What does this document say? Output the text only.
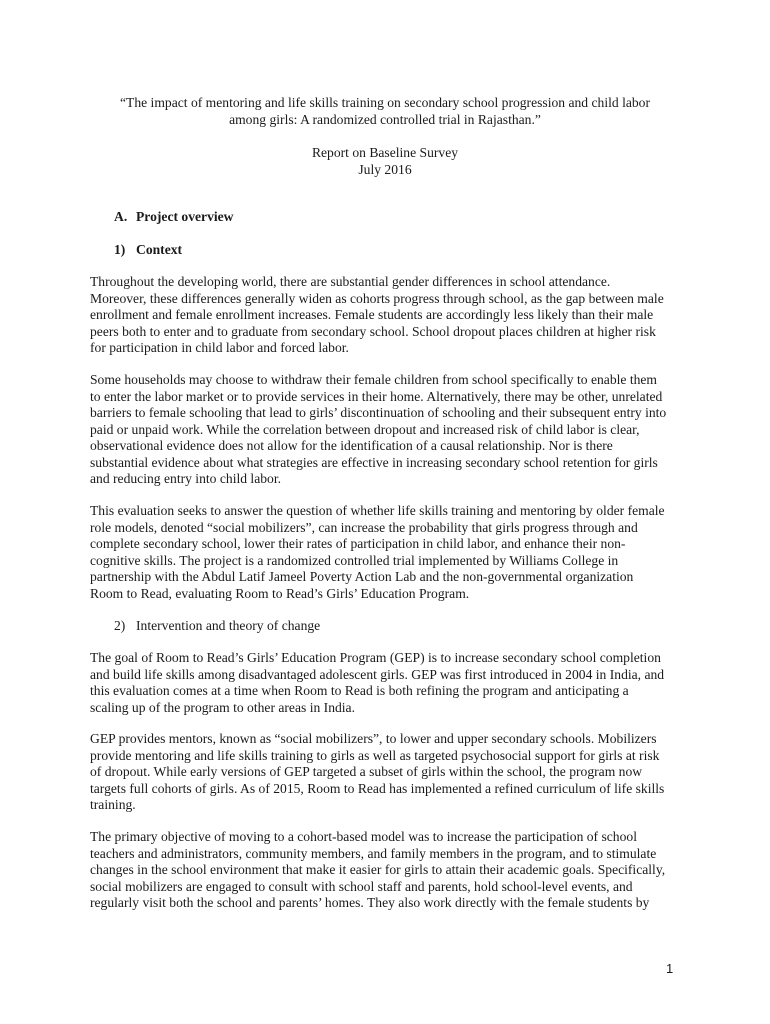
“The impact of mentoring and life skills training on secondary school progression and child labor
among girls: A randomized controlled trial in Rajasthan.”
Report on Baseline Survey
July 2016
A. Project overview
1) Context
Throughout the developing world, there are substantial gender differences in school attendance.
Moreover, these differences generally widen as cohorts progress through school, as the gap between male
enrollment and female enrollment increases. Female students are accordingly less likely than their male
peers both to enter and to graduate from secondary school. School dropout places children at higher risk
for participation in child labor and forced labor.
Some households may choose to withdraw their female children from school specifically to enable them
to enter the labor market or to provide services in their home. Alternatively, there may be other, unrelated
barriers to female schooling that lead to girls’ discontinuation of schooling and their subsequent entry into
paid or unpaid work. While the correlation between dropout and increased risk of child labor is clear,
observational evidence does not allow for the identification of a causal relationship. Nor is there
substantial evidence about what strategies are effective in increasing secondary school retention for girls
and reducing entry into child labor.
This evaluation seeks to answer the question of whether life skills training and mentoring by older female
role models, denoted “social mobilizers”, can increase the probability that girls progress through and
complete secondary school, lower their rates of participation in child labor, and enhance their non-
cognitive skills. The project is a randomized controlled trial implemented by Williams College in
partnership with the Abdul Latif Jameel Poverty Action Lab and the non-governmental organization
Room to Read, evaluating Room to Read’s Girls’ Education Program.
2) Intervention and theory of change
The goal of Room to Read’s Girls’ Education Program (GEP) is to increase secondary school completion
and build life skills among disadvantaged adolescent girls. GEP was first introduced in 2004 in India, and
this evaluation comes at a time when Room to Read is both refining the program and anticipating a
scaling up of the program to other areas in India.
GEP provides mentors, known as “social mobilizers”, to lower and upper secondary schools. Mobilizers
provide mentoring and life skills training to girls as well as targeted psychosocial support for girls at risk
of dropout. While early versions of GEP targeted a subset of girls within the school, the program now
targets full cohorts of girls. As of 2015, Room to Read has implemented a refined curriculum of life skills
training.
The primary objective of moving to a cohort-based model was to increase the participation of school
teachers and administrators, community members, and family members in the program, and to stimulate
changes in the school environment that make it easier for girls to attain their academic goals. Specifically,
social mobilizers are engaged to consult with school staff and parents, hold school-level events, and
regularly visit both the school and parents’ homes. They also work directly with the female students by
1
